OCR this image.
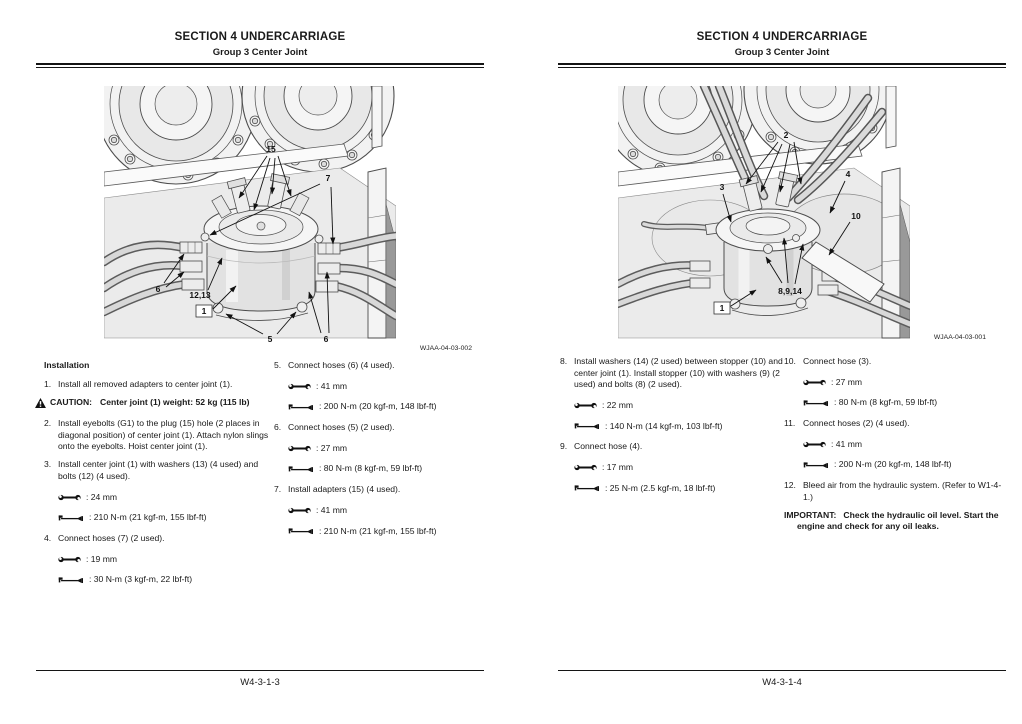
SECTION 4 UNDERCARRIAGE
Group 3 Center Joint
15
7
6
12,13
1
5	6
WJAA-04-03-002
Installation
1. Install all removed adapters to center joint (1).
CAUTION: Center joint (1) weight: 52 kg (115 lb)
2. Install eyebolts (G1) to the plug (15) hole (2 places in diagonal position) of center joint (1). Attach nylon slings onto the eyebolts. Hoist center joint (1).
3. Install center joint (1) with washers (13) (4 used) and bolts (12) (4 used).
: 24 mm
: 210 N-m (21 kgf-m, 155 lbf-ft)
4. Connect hoses (7) (2 used).
: 19 mm
: 30 N-m (3 kgf-m, 22 lbf-ft)
5. Connect hoses (6) (4 used).
: 41 mm
: 200 N-m (20 kgf-m, 148 lbf-ft)
6. Connect hoses (5) (2 used).
: 27 mm
: 80 N-m (8 kgf-m, 59 lbf-ft)
7. Install adapters (15) (4 used).
: 41 mm
: 210 N-m (21 kgf-m, 155 lbf-ft)
W4-3-1-3
SECTION 4 UNDERCARRIAGE
Group 3 Center Joint
2
3
4
10
8,9,14
1
WJAA-04-03-001
8. Install washers (14) (2 used) between stopper (10) and center joint (1). Install stopper (10) with washers (9) (2 used) and bolts (8) (2 used).
: 22 mm
: 140 N-m (14 kgf-m, 103 lbf-ft)
9. Connect hose (4).
: 17 mm
: 25 N-m (2.5 kgf-m, 18 lbf-ft)
10. Connect hose (3).
: 27 mm
: 80 N-m (8 kgf-m, 59 lbf-ft)
11. Connect hoses (2) (4 used).
: 41 mm
: 200 N-m (20 kgf-m, 148 lbf-ft)
12. Bleed air from the hydraulic system. (Refer to W1-4-1.)
IMPORTANT: Check the hydraulic oil level. Start the engine and check for any oil leaks.
W4-3-1-4
